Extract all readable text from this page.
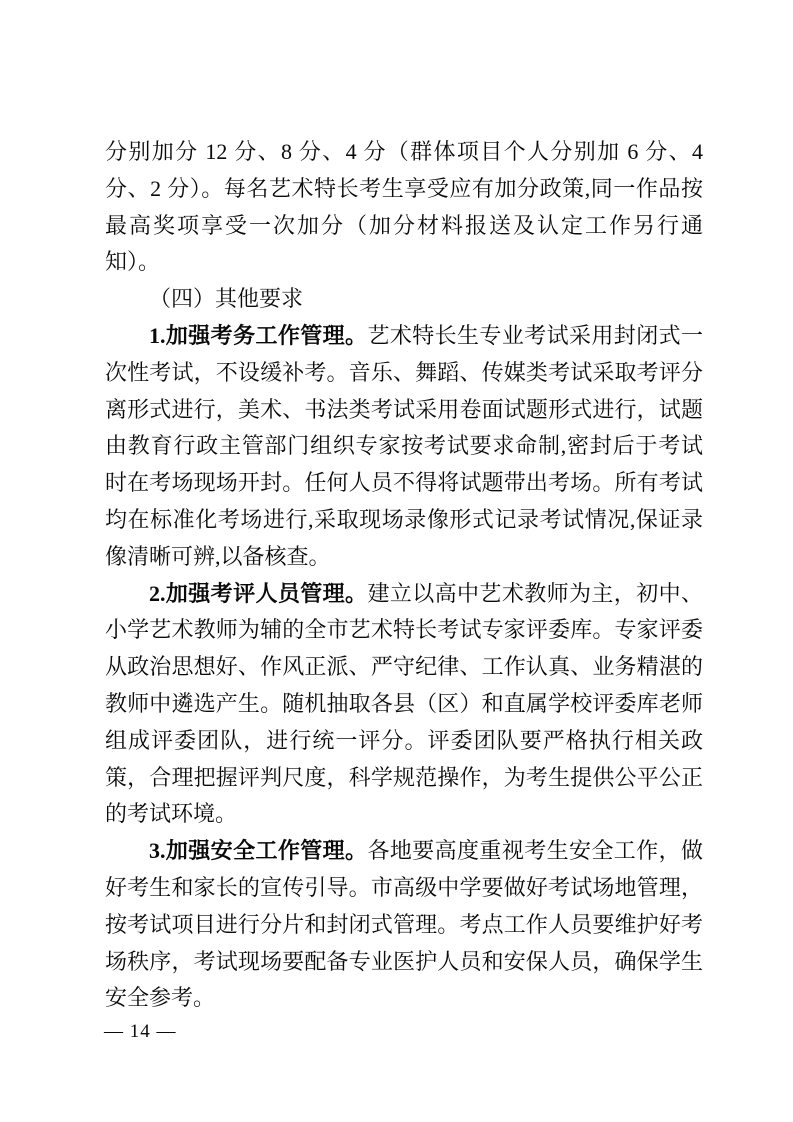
分别加分 12 分、8 分、4 分（群体项目个人分别加 6 分、4 分、2 分）。每名艺术特长考生享受应有加分政策,同一作品按最高奖项享受一次加分（加分材料报送及认定工作另行通知）。

（四）其他要求

1.加强考务工作管理。艺术特长生专业考试采用封闭式一次性考试，不设缓补考。音乐、舞蹈、传媒类考试采取考评分离形式进行，美术、书法类考试采用卷面试题形式进行，试题由教育行政主管部门组织专家按考试要求命制,密封后于考试时在考场现场开封。任何人员不得将试题带出考场。所有考试均在标准化考场进行,采取现场录像形式记录考试情况,保证录像清晰可辨,以备核查。

2.加强考评人员管理。建立以高中艺术教师为主，初中、小学艺术教师为辅的全市艺术特长考试专家评委库。专家评委从政治思想好、作风正派、严守纪律、工作认真、业务精湛的教师中遴选产生。随机抽取各县（区）和直属学校评委库老师组成评委团队，进行统一评分。评委团队要严格执行相关政策，合理把握评判尺度，科学规范操作，为考生提供公平公正的考试环境。

3.加强安全工作管理。各地要高度重视考生安全工作，做好考生和家长的宣传引导。市高级中学要做好考试场地管理，按考试项目进行分片和封闭式管理。考点工作人员要维护好考场秩序，考试现场要配备专业医护人员和安保人员，确保学生安全参考。

— 14 —
